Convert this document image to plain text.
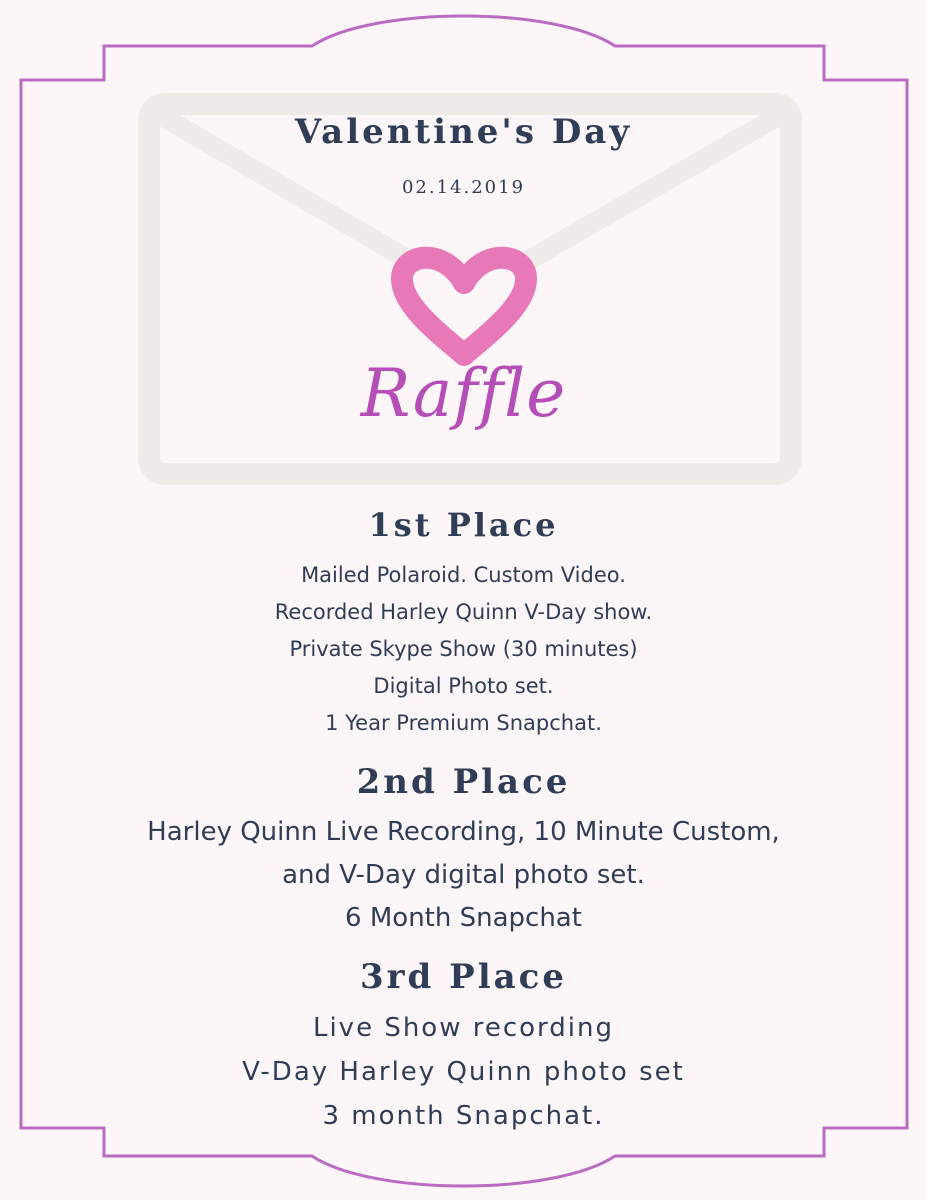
Valentine's Day
02.14.2019
Raffle
1st Place
Mailed Polaroid. Custom Video.
Recorded Harley Quinn V-Day show.
Private Skype Show (30 minutes)
Digital Photo set.
1 Year Premium Snapchat.
2nd Place
Harley Quinn Live Recording, 10 Minute Custom,
and V-Day digital photo set.
6 Month Snapchat
3rd Place
Live Show recording
V-Day Harley Quinn photo set
3 month Snapchat.
